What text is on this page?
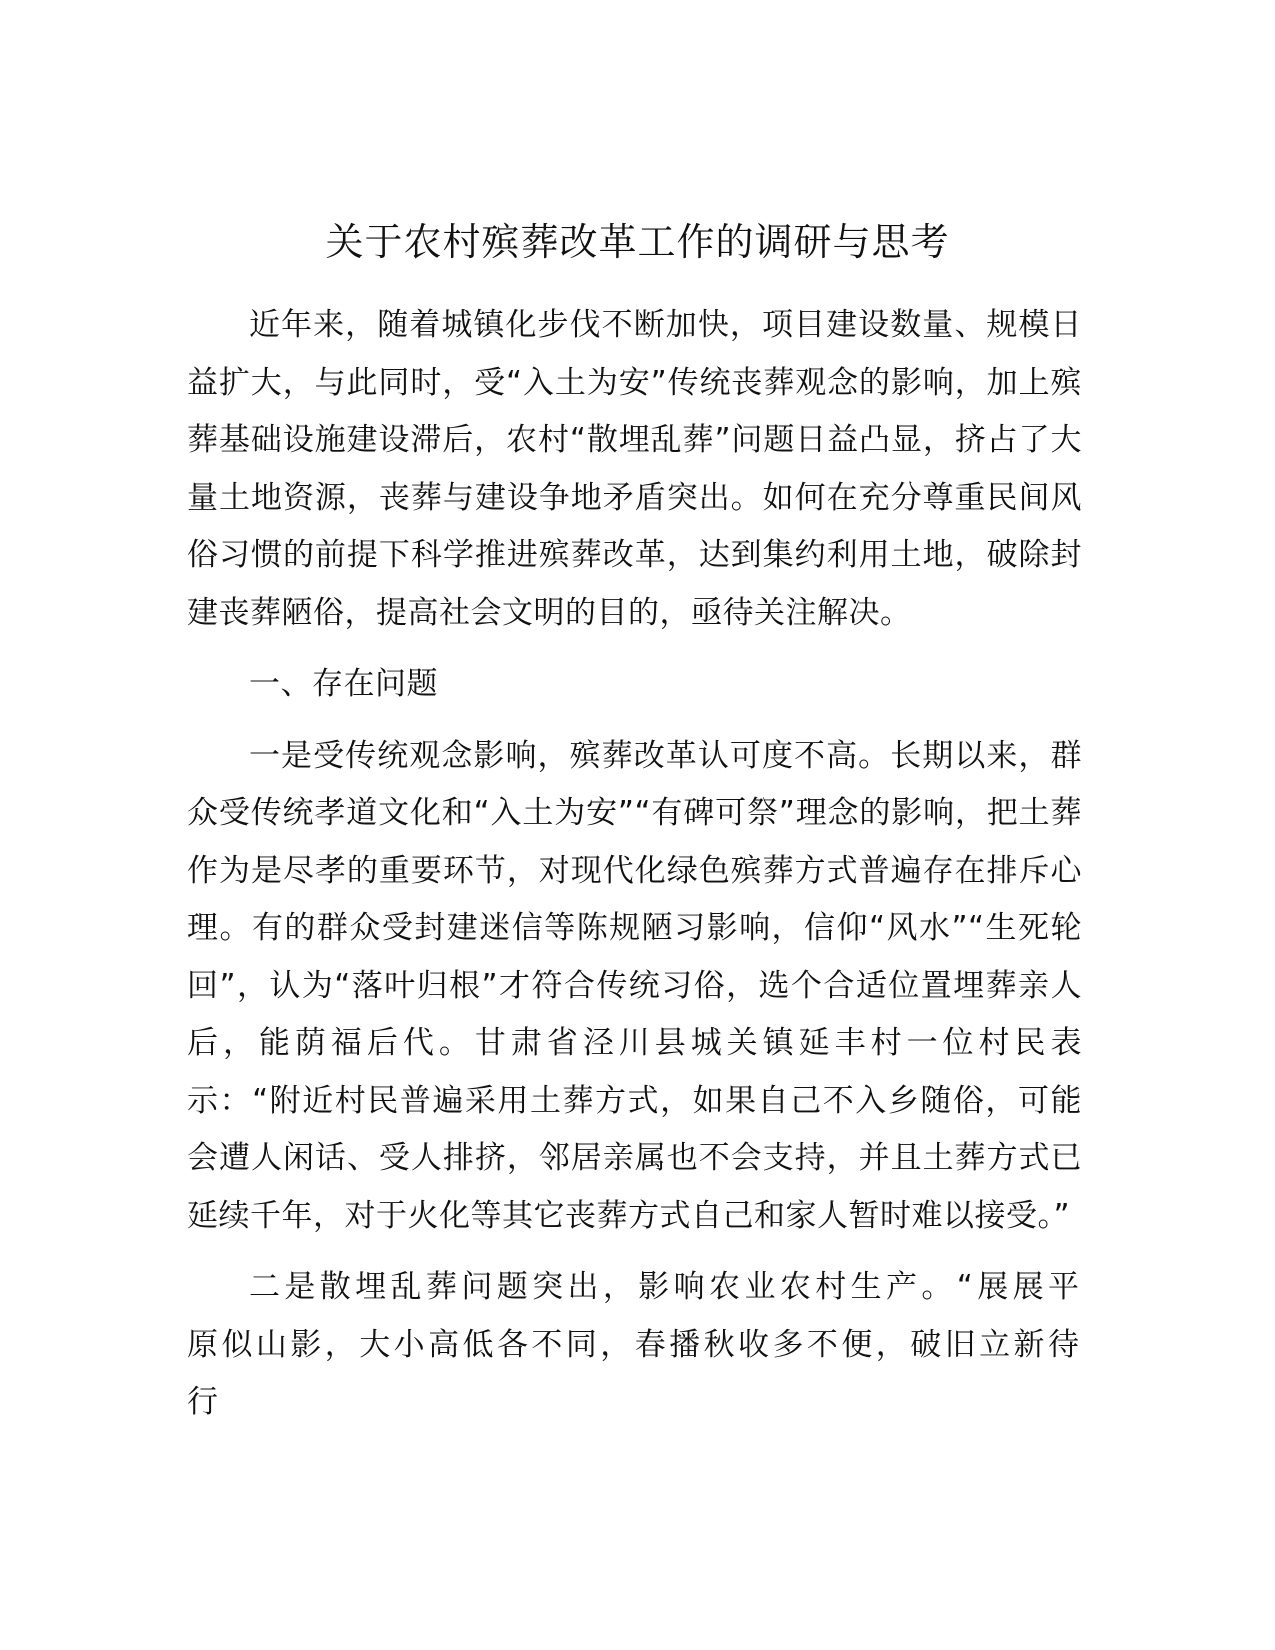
关于农村殡葬改革工作的调研与思考

近年来，随着城镇化步伐不断加快，项目建设数量、规模日益扩大，与此同时，受“入土为安”传统丧葬观念的影响，加上殡葬基础设施建设滞后，农村“散埋乱葬”问题日益凸显，挤占了大量土地资源，丧葬与建设争地矛盾突出。如何在充分尊重民间风俗习惯的前提下科学推进殡葬改革，达到集约利用土地，破除封建丧葬陋俗，提高社会文明的目的，亟待关注解决。

一、存在问题

一是受传统观念影响，殡葬改革认可度不高。长期以来，群众受传统孝道文化和“入土为安”“有碑可祭”理念的影响，把土葬作为是尽孝的重要环节，对现代化绿色殡葬方式普遍存在排斥心理。有的群众受封建迷信等陈规陋习影响，信仰“风水”“生死轮回”，认为“落叶归根”才符合传统习俗，选个合适位置埋葬亲人后，能荫福后代。甘肃省泾川县城关镇延丰村一位村民表示：“附近村民普遍采用土葬方式，如果自己不入乡随俗，可能会遭人闲话、受人排挤，邻居亲属也不会支持，并且土葬方式已延续千年，对于火化等其它丧葬方式自己和家人暂时难以接受。”

二是散埋乱葬问题突出，影响农业农村生产。“展展平原似山影，大小高低各不同，春播秋收多不便，破旧立新待行
